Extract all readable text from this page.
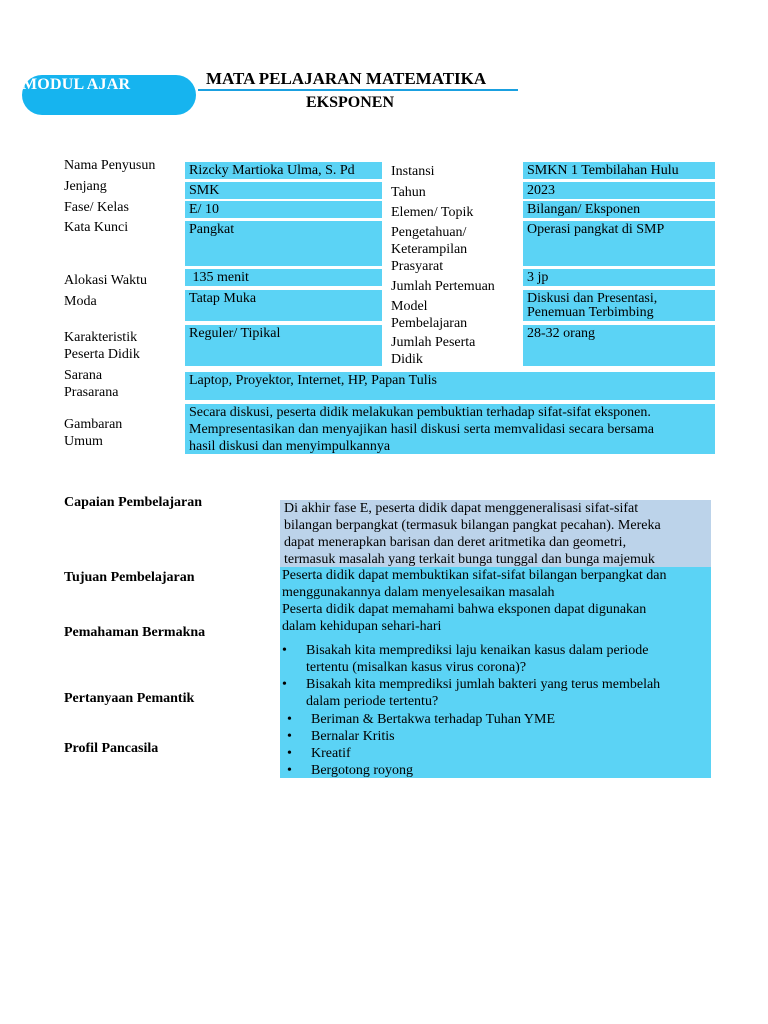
MODUL AJAR	MATA PELAJARAN MATEMATIKA
EKSPONEN
Nama Penyusun
Jenjang
Fase/ Kelas
Kata Kunci
Alokasi Waktu
Moda
Karakteristik
Peserta Didik
Sarana
Prasarana
Gambaran
Umum
Rizcky Martioka Ulma, S. Pd
SMK
E/ 10
Pangkat
135 menit
Tatap Muka
Reguler/ Tipikal
Instansi
Tahun
Elemen/ Topik
Pengetahuan/
Keterampilan
Prasyarat
Jumlah Pertemuan
Model
Pembelajaran
Jumlah Peserta
Didik
SMKN 1 Tembilahan Hulu
2023
Bilangan/ Eksponen
Operasi pangkat di SMP
3 jp
Diskusi dan Presentasi,
Penemuan Terbimbing
28-32 orang
Laptop, Proyektor, Internet, HP, Papan Tulis
Secara diskusi, peserta didik melakukan pembuktian terhadap sifat-sifat eksponen.
Mempresentasikan dan menyajikan hasil diskusi serta memvalidasi secara bersama
hasil diskusi dan menyimpulkannya
Capaian Pembelajaran
Tujuan Pembelajaran
Pemahaman Bermakna
Pertanyaan Pemantik
Profil Pancasila
Di akhir fase E, peserta didik dapat menggeneralisasi sifat-sifat
bilangan berpangkat (termasuk bilangan pangkat pecahan). Mereka
dapat menerapkan barisan dan deret aritmetika dan geometri,
termasuk masalah yang terkait bunga tunggal dan bunga majemuk
Peserta didik dapat membuktikan sifat-sifat bilangan berpangkat dan
menggunakannya dalam menyelesaikan masalah
Peserta didik dapat memahami bahwa eksponen dapat digunakan
dalam kehidupan sehari-hari
• Bisakah kita memprediksi laju kenaikan kasus dalam periode
tertentu (misalkan kasus virus corona)?
• Bisakah kita memprediksi jumlah bakteri yang terus membelah
dalam periode tertentu?
• Beriman & Bertakwa terhadap Tuhan YME
• Bernalar Kritis
• Kreatif
• Bergotong royong
